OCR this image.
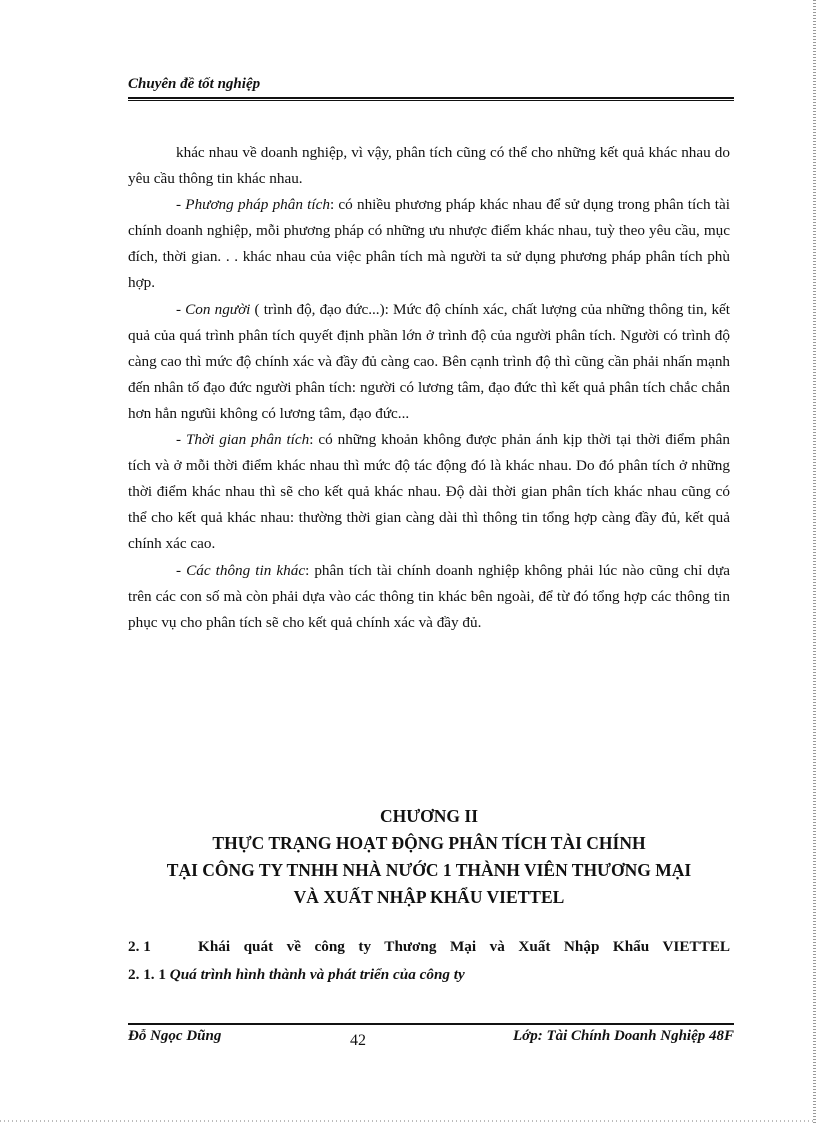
Chuyên đề tốt nghiệp

khác nhau về doanh nghiệp, vì vậy, phân tích cũng có thể cho những kết quả khác nhau do yêu cầu thông tin khác nhau.

- Phương pháp phân tích: có nhiều phương pháp khác nhau để sử dụng trong phân tích tài chính doanh nghiệp, mỗi phương pháp có những ưu nhược điểm khác nhau, tuỳ theo yêu cầu, mục đích, thời gian. . . khác nhau của việc phân tích mà người ta sử dụng phương pháp phân tích phù hợp.

- Con người ( trình độ, đạo đức...): Mức độ chính xác, chất lượng của những thông tin, kết quả của quá trình phân tích quyết định phần lớn ở trình độ của người phân tích. Người có trình độ càng cao thì mức độ chính xác và đầy đủ càng cao. Bên cạnh trình độ thì cũng cần phải nhấn mạnh đến nhân tố đạo đức người phân tích: người có lương tâm, đạo đức thì kết quả phân tích chắc chắn hơn hẳn ngưũi không có lương tâm, đạo đức...

- Thời gian phân tích: có những khoản không được phản ánh kịp thời tại thời điểm phân tích và ở mỗi thời điểm khác nhau thì mức độ tác động đó là khác nhau. Do đó phân tích ở những thời điểm khác nhau thì sẽ cho kết quả khác nhau. Độ dài thời gian phân tích khác nhau cũng có thể cho kết quả khác nhau: thường thời gian càng dài thì thông tin tổng hợp càng đầy đủ, kết quả chính xác cao.

- Các thông tin khác: phân tích tài chính doanh nghiệp không phải lúc nào cũng chỉ dựa trên các con số mà còn phải dựa vào các thông tin khác bên ngoài, để từ đó tổng hợp các thông tin phục vụ cho phân tích sẽ cho kết quả chính xác và đầy đủ.

CHƯƠNG II
THỰC TRẠNG HOẠT ĐỘNG PHÂN TÍCH TÀI CHÍNH
TẠI CÔNG TY TNHH NHÀ NƯỚC 1 THÀNH VIÊN THƯƠNG MẠI
VÀ XUẤT NHẬP KHẨU VIETTEL
2. 1	Khái quát về công ty Thương Mại và Xuất Nhập Khẩu VIETTEL
2. 1. 1 Quá trình hình thành và phát triển của công ty
Đỗ Ngọc Dũng	42	Lớp: Tài Chính Doanh Nghiệp 48F
